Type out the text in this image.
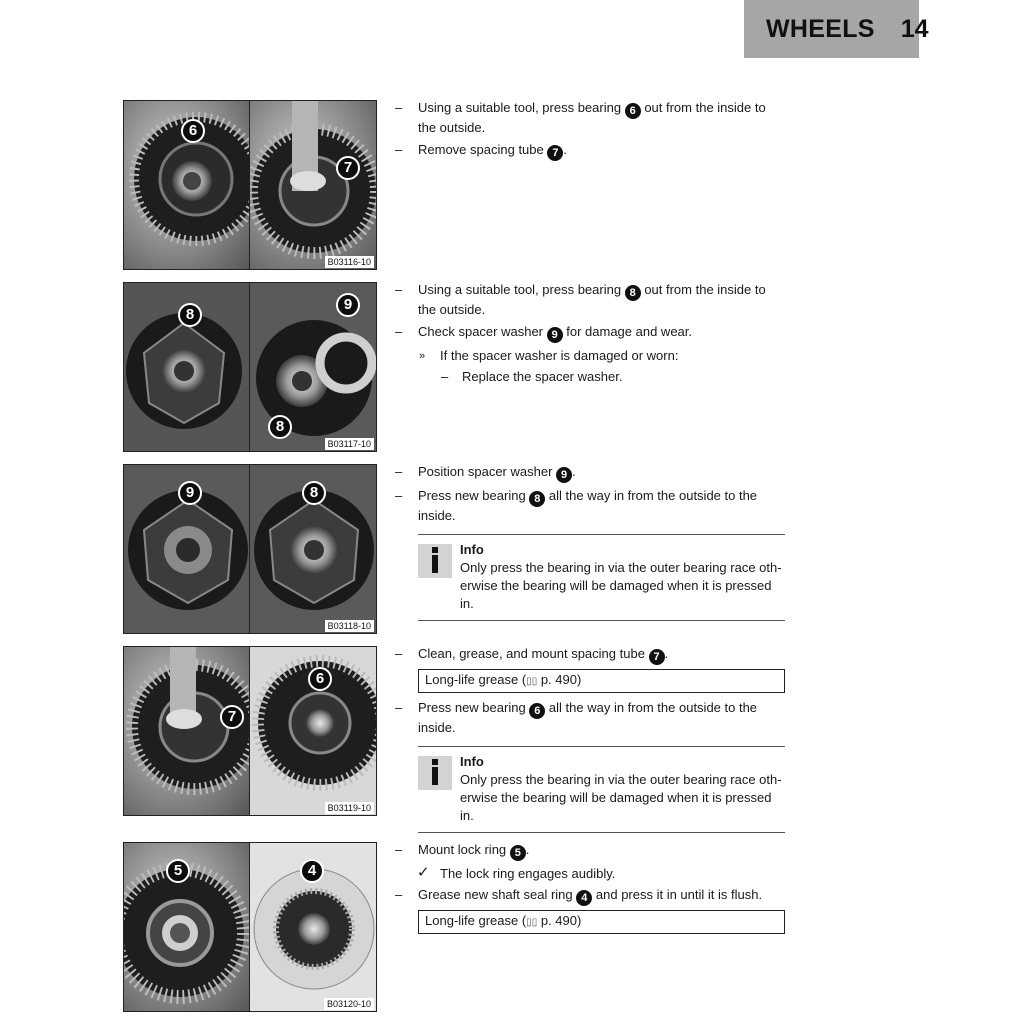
WHEELS 14
6
7
B03116-10
– Using a suitable tool, press bearing 6 out from the inside to the outside.
– Remove spacing tube 7 .
8
9
8
B03117-10
– Using a suitable tool, press bearing 8 out from the inside to the outside.
– Check spacer washer 9 for damage and wear.
» If the spacer washer is damaged or worn:
– Replace the spacer washer.
9	8
B03118-10
– Position spacer washer 9 .
– Press new bearing 8 all the way in from the outside to the inside.
Info
Only press the bearing in via the outer bearing race oth-erwise the bearing will be damaged when it is pressed in.
7
6
B03119-10
– Clean, grease, and mount spacing tube 7 .
Long-life grease (▯▯ p. 490)
– Press new bearing 6 all the way in from the outside to the inside.
Info
Only press the bearing in via the outer bearing race oth-erwise the bearing will be damaged when it is pressed in.
5	4
B03120-10
– Mount lock ring 5 .
✓ The lock ring engages audibly.
– Grease new shaft seal ring 4 and press it in until it is flush.
Long-life grease (▯▯ p. 490)
